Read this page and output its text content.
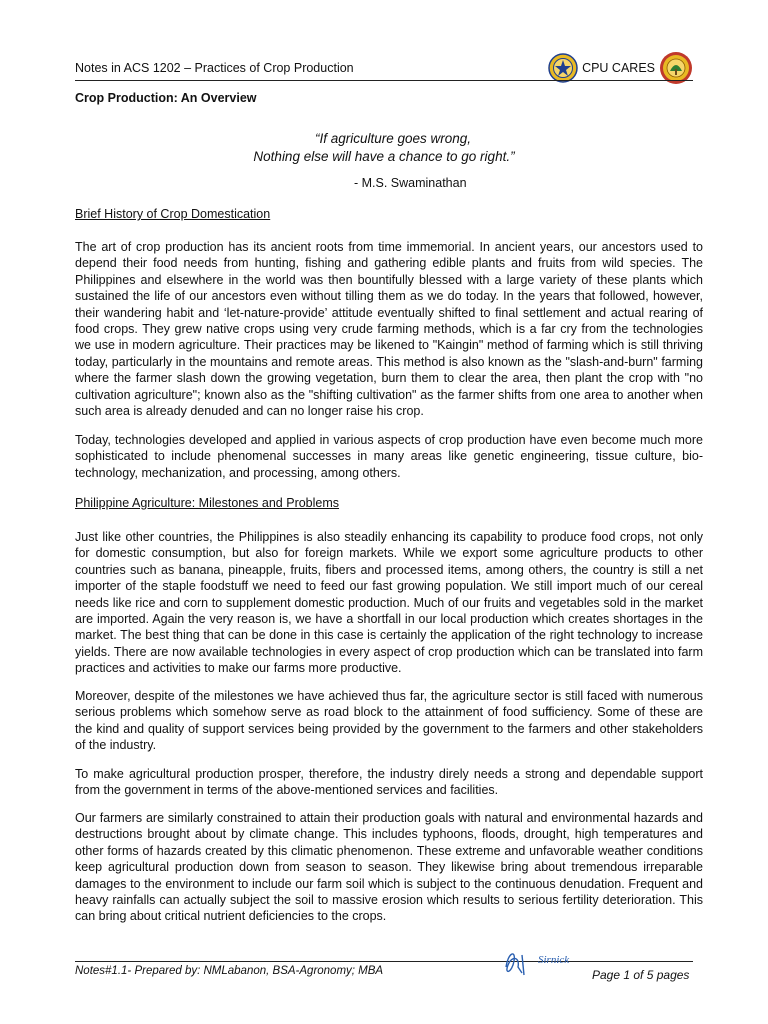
Notes in ACS 1202 – Practices of Crop Production	CPU CARES
Crop Production: An Overview
“If agriculture goes wrong,
Nothing else will have a chance to go right.”
- M.S. Swaminathan
Brief History of Crop Domestication

The art of crop production has its ancient roots from time immemorial. In ancient years, our ancestors used to depend their food needs from hunting, fishing and gathering edible plants and fruits from wild species. The Philippines and elsewhere in the world was then bountifully blessed with a large variety of these plants which sustained the life of our ancestors even without tilling them as we do today. In the years that followed, however, their wandering habit and ‘let-nature-provide’ attitude eventually shifted to final settlement and actual rearing of food crops. They grew native crops using very crude farming methods, which is a far cry from the technologies we use in modern agriculture. Their practices may be likened to "Kaingin" method of farming which is still thriving today, particularly in the mountains and remote areas. This method is also known as the "slash-and-burn" farming where the farmer slash down the growing vegetation, burn them to clear the area, then plant the crop with "no cultivation agriculture"; known also as the "shifting cultivation" as the farmer shifts from one area to another when such area is already denuded and can no longer raise his crop.

Today, technologies developed and applied in various aspects of crop production have even become much more sophisticated to include phenomenal successes in many areas like genetic engineering, tissue culture, bio-technology, mechanization, and processing, among others.

Philippine Agriculture: Milestones and Problems

Just like other countries, the Philippines is also steadily enhancing its capability to produce food crops, not only for domestic consumption, but also for foreign markets. While we export some agriculture products to other countries such as banana, pineapple, fruits, fibers and processed items, among others, the country is still a net importer of the staple foodstuff we need to feed our fast growing population. We still import much of our cereal needs like rice and corn to supplement domestic production. Much of our fruits and vegetables sold in the market are imported. Again the very reason is, we have a shortfall in our local production which creates shortages in the market. The best thing that can be done in this case is certainly the application of the right technology to increase yields. There are now available technologies in every aspect of crop production which can be translated into farm practices and activities to make our farms more productive.

Moreover, despite of the milestones we have achieved thus far, the agriculture sector is still faced with numerous serious problems which somehow serve as road block to the attainment of food sufficiency. Some of these are the kind and quality of support services being provided by the government to the farmers and other stakeholders of the industry.

To make agricultural production prosper, therefore, the industry direly needs a strong and dependable support from the government in terms of the above-mentioned services and facilities.

Our farmers are similarly constrained to attain their production goals with natural and environmental hazards and destructions brought about by climate change. This includes typhoons, floods, drought, high temperatures and other forms of hazards created by this climatic phenomenon. These extreme and unfavorable weather conditions keep agricultural production down from season to season. They likewise bring about tremendous irreparable damages to the environment to include our farm soil which is subject to the continuous denudation. Frequent and heavy rainfalls can actually subject the soil to massive erosion which results to serious fertility deterioration. This can bring about critical nutrient deficiencies to the crops.

Notes#1.1- Prepared by: NMLabanon, BSA-Agronomy; MBA
Sirnick
Page 1 of 5 pages
